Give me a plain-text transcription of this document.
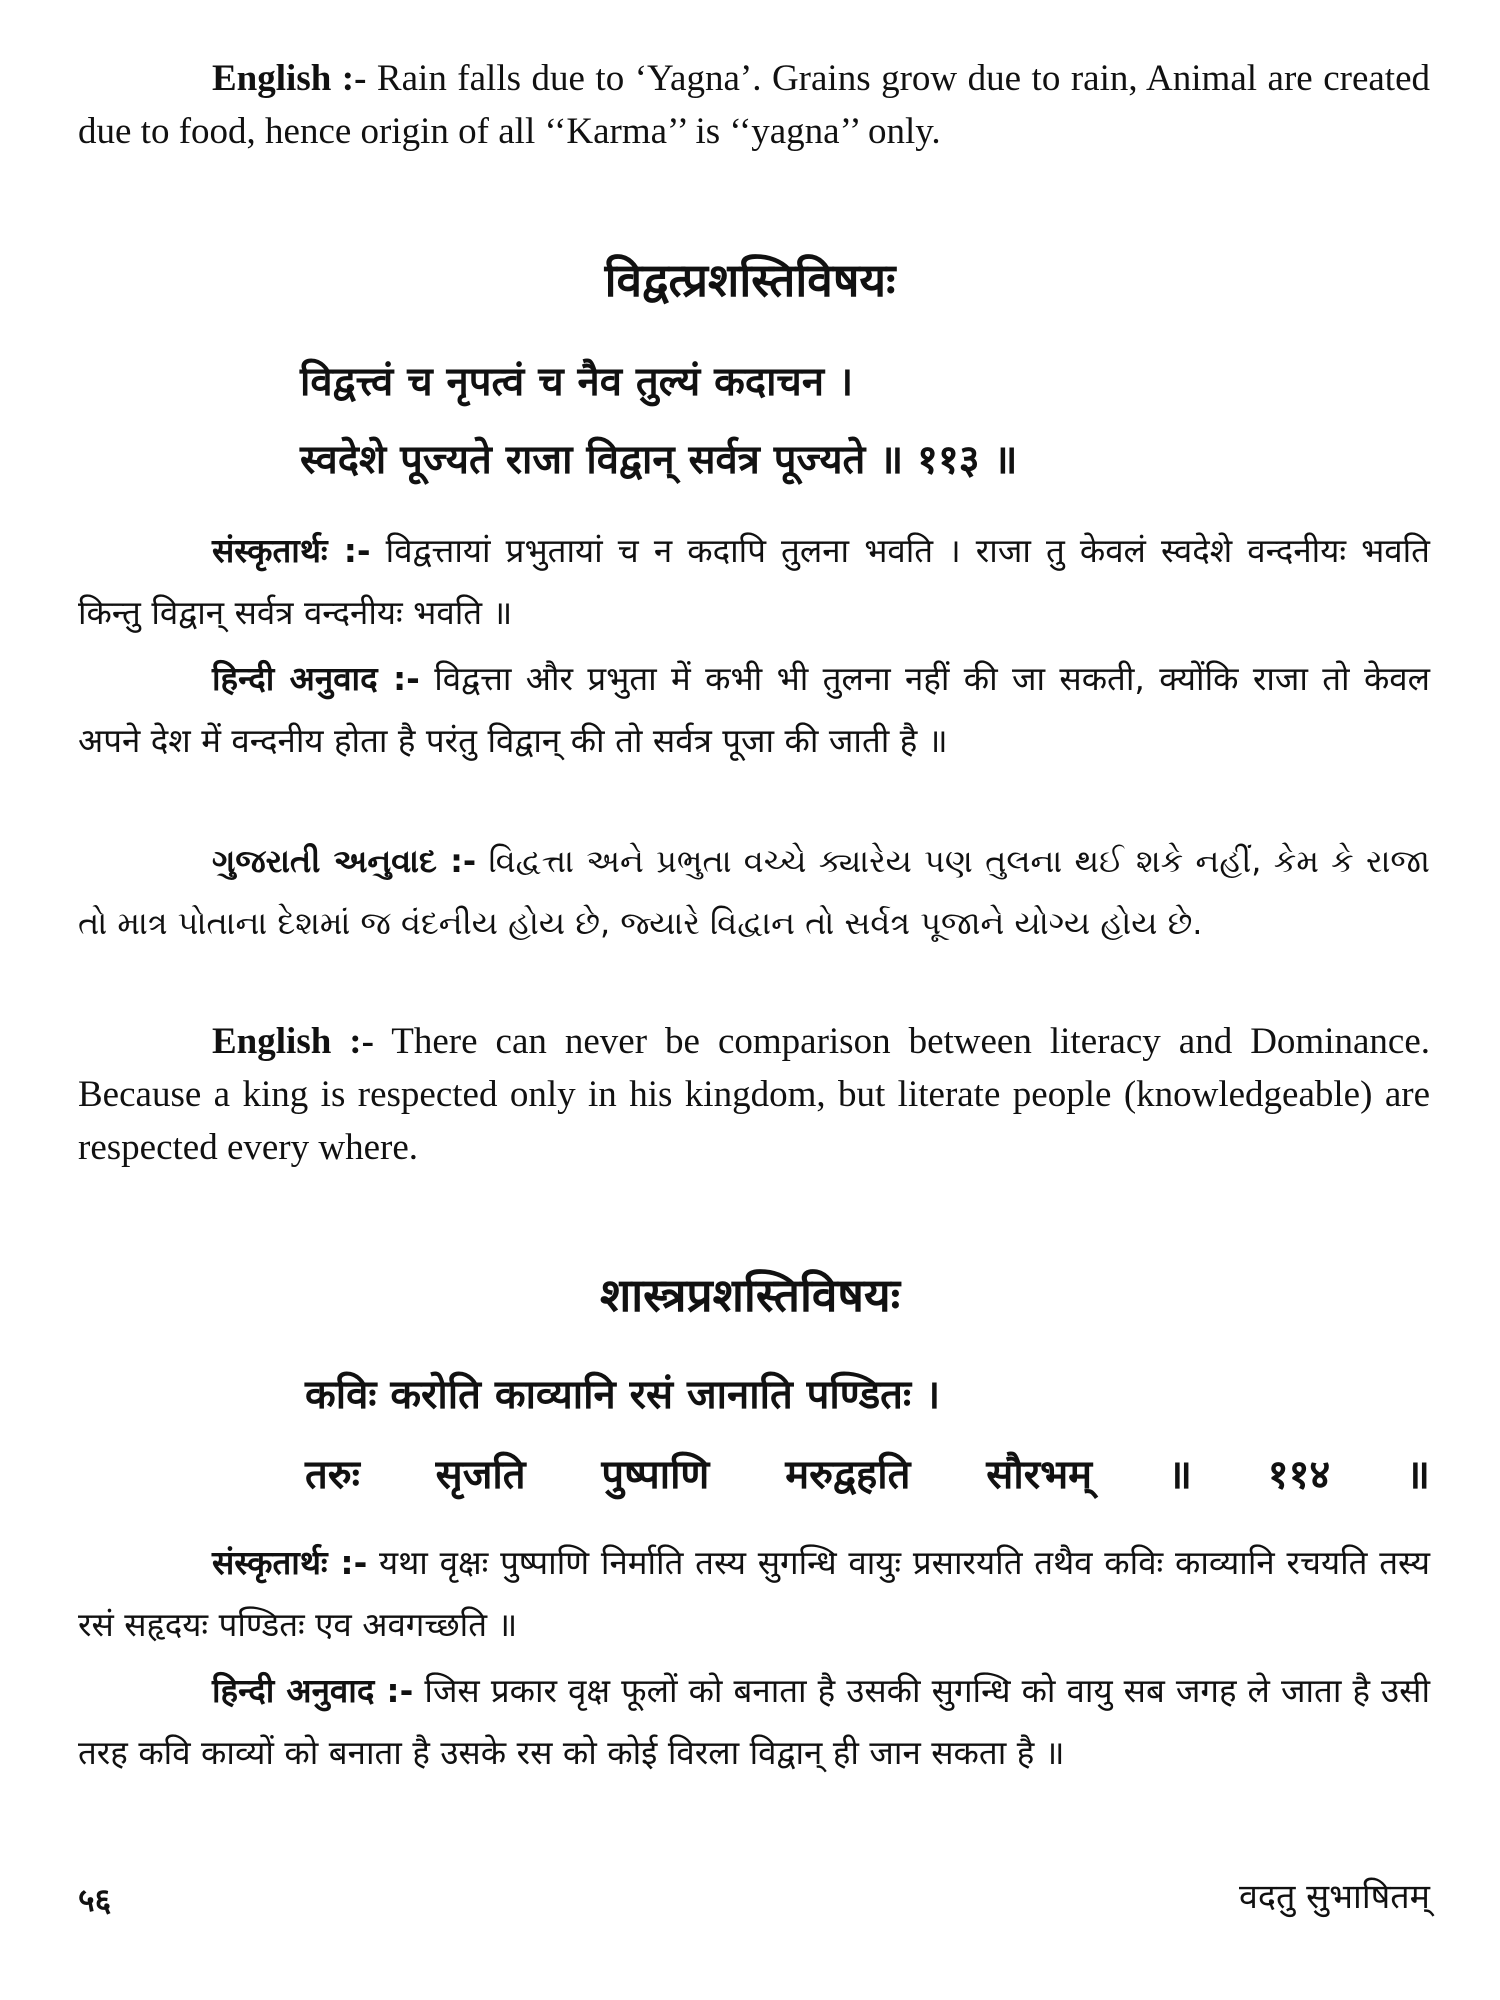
English :- Rain falls due to ‘Yagna’. Grains grow due to rain, Animal are created due to food, hence origin of all ‘‘Karma’’ is ‘‘yagna’’ only.

विद्वत्प्रशस्तिविषयः

विद्वत्त्वं च नृपत्वं च नैव तुल्यं कदाचन ।

स्वदेशे पूज्यते राजा विद्वान् सर्वत्र पूज्यते ॥ ११३ ॥

संस्कृतार्थः :- विद्वत्तायां प्रभुतायां च न कदापि तुलना भवति । राजा तु केवलं स्वदेशे वन्दनीयः भवति किन्तु विद्वान् सर्वत्र वन्दनीयः भवति ॥

हिन्दी अनुवाद :- विद्वत्ता और प्रभुता में कभी भी तुलना नहीं की जा सकती, क्योंकि राजा तो केवल अपने देश में वन्दनीय होता है परंतु विद्वान् की तो सर्वत्र पूजा की जाती है ॥

ગુજરાતી અનુવાદ :- વિદ્વત્તા અને પ્રભુતા વચ્ચે ક્યારેય પણ તુલના થઈ શકે નહીં, કેમ કે રાજા તો માત્ર પોતાના દેશમાં જ વંદનીય હોય છે, જ્યારે વિદ્વાન તો સર્વત્ર પૂજાને યોગ્ય હોય છે.

English :- There can never be comparison between literacy and Dominance. Because a king is respected only in his kingdom, but literate people (knowledgeable) are respected every where.

शास्त्रप्रशस्तिविषयः

कविः करोति काव्यानि रसं जानाति पण्डितः ।

तरुः सृजति पुष्पाणि मरुद्वहति सौरभम् ॥ ११४ ॥

संस्कृतार्थः :- यथा वृक्षः पुष्पाणि निर्माति तस्य सुगन्धि वायुः प्रसारयति तथैव कविः काव्यानि रचयति तस्य रसं सहृदयः पण्डितः एव अवगच्छति ॥

हिन्दी अनुवाद :- जिस प्रकार वृक्ष फूलों को बनाता है उसकी सुगन्धि को वायु सब जगह ले जाता है उसी तरह कवि काव्यों को बनाता है उसके रस को कोई विरला विद्वान् ही जान सकता है ॥

५६	वदतु सुभाषितम्
